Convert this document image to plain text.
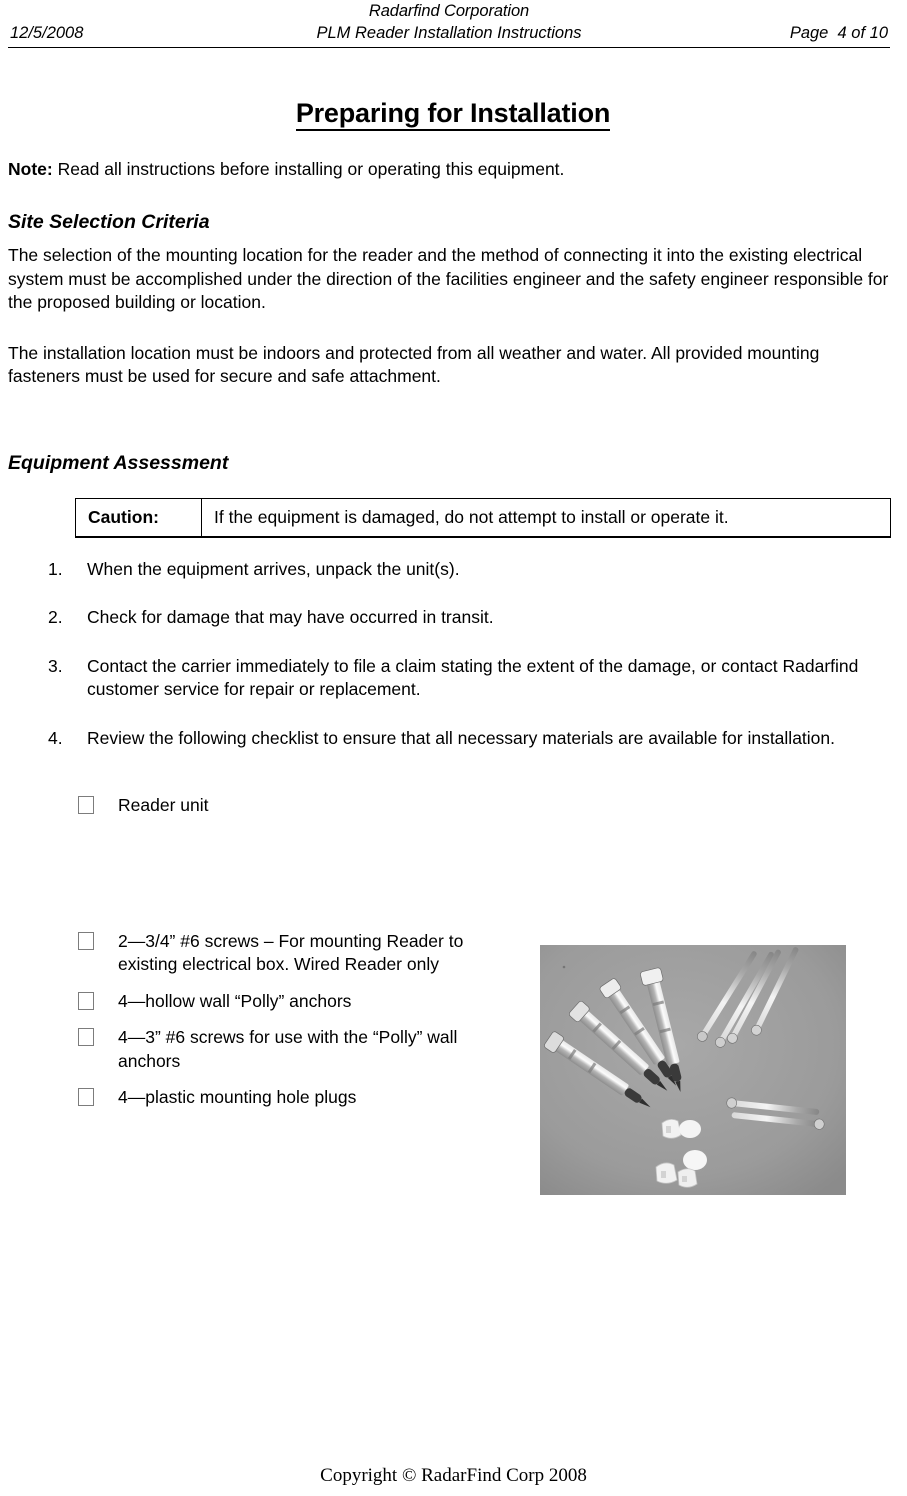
Radarfind Corporation
12/5/2008	PLM Reader Installation Instructions	Page  4 of 10
Preparing for Installation

Note: Read all instructions before installing or operating this equipment.

Site Selection Criteria

The selection of the mounting location for the reader and the method of connecting it into the existing electrical system must be accomplished under the direction of the facilities engineer and the safety engineer responsible for the proposed building or location.

The installation location must be indoors and protected from all weather and water. All provided mounting fasteners must be used for secure and safe attachment.

Equipment Assessment
Caution:	If the equipment is damaged, do not attempt to install or operate it.
1.	When the equipment arrives, unpack the unit(s).
2.	Check for damage that may have occurred in transit.
3.	Contact the carrier immediately to file a claim stating the extent of the damage, or contact Radarfind customer service for repair or replacement.
4.	Review the following checklist to ensure that all necessary materials are available for installation.
Reader unit
2—3/4” #6 screws – For mounting Reader to existing electrical box. Wired Reader only
4—hollow wall “Polly” anchors
4—3” #6 screws for use with the “Polly” wall anchors
4—plastic mounting hole plugs
Copyright © RadarFind Corp 2008
